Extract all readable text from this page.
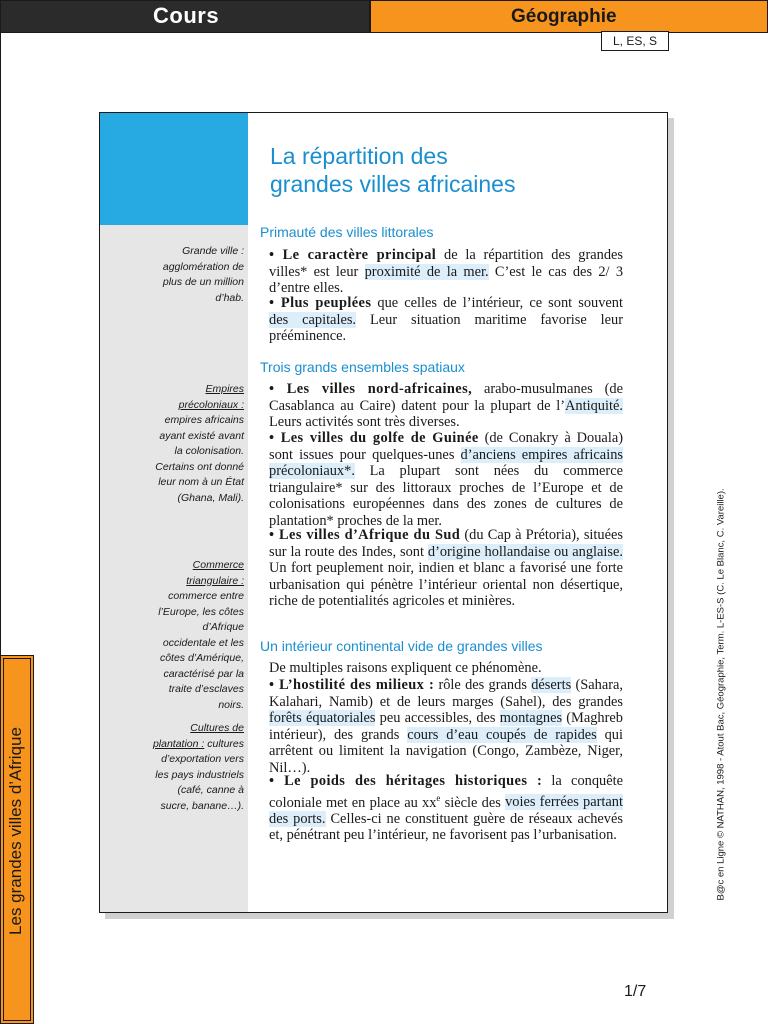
Cours	Géographie
L, ES, S
La répartition des
grandes villes africaines
Primauté des villes littorales
• Le caractère principal de la répartition des grandes villes* est leur proximité de la mer. C’est le cas des 2/ 3 d’entre elles.
• Plus peuplées que celles de l’intérieur, ce sont souvent des capitales. Leur situation maritime favorise leur prééminence.
Trois grands ensembles spatiaux
• Les villes nord-africaines, arabo-musulmanes (de Casablanca au Caire) datent pour la plupart de l’Antiquité. Leurs activités sont très diverses.
• Les villes du golfe de Guinée (de Conakry à Douala) sont issues pour quelques-unes d’anciens empires africains précoloniaux*. La plupart sont nées du commerce triangulaire* sur des littoraux proches de l’Europe et de colonisations européennes dans des zones de cultures de plantation* proches de la mer.
• Les villes d’Afrique du Sud (du Cap à Prétoria), situées sur la route des Indes, sont d’origine hollandaise ou anglaise. Un fort peuplement noir, indien et blanc a favorisé une forte urbanisation qui pénètre l’intérieur oriental non désertique, riche de potentialités agricoles et minières.
Un intérieur continental vide de grandes villes
De multiples raisons expliquent ce phénomène.
• L’hostilité des milieux : rôle des grands déserts (Sahara, Kalahari, Namib) et de leurs marges (Sahel), des grandes forêts équatoriales peu accessibles, des montagnes (Maghreb intérieur), des grands cours d’eau coupés de rapides qui arrêtent ou limitent la navigation (Congo, Zambèze, Niger, Nil…).
• Le poids des héritages historiques : la conquête coloniale met en place au $xx^e$ siècle des voies ferrées partant des ports. Celles-ci ne constituent guère de réseaux achevés et, pénétrant peu l’intérieur, ne favorisent pas l’urbanisation.
Grande ville : agglomération de plus de un million d’hab.
Empires précoloniaux : empires africains ayant existé avant la colonisation. Certains ont donné leur nom à un État (Ghana, Mali).
Commerce triangulaire : commerce entre l’Europe, les côtes d’Afrique occidentale et les côtes d’Amérique, caractérisé par la traite d’esclaves noirs.
Cultures de plantation : cultures d’exportation vers les pays industriels (café, canne à sucre, banane…).
Les grandes villes d’Afrique	B@c en Ligne © NATHAN, 1998 - Atout Bac, Géographie, Term. L-ES-S (C. Le Blanc, C. Vareille).
1/7
